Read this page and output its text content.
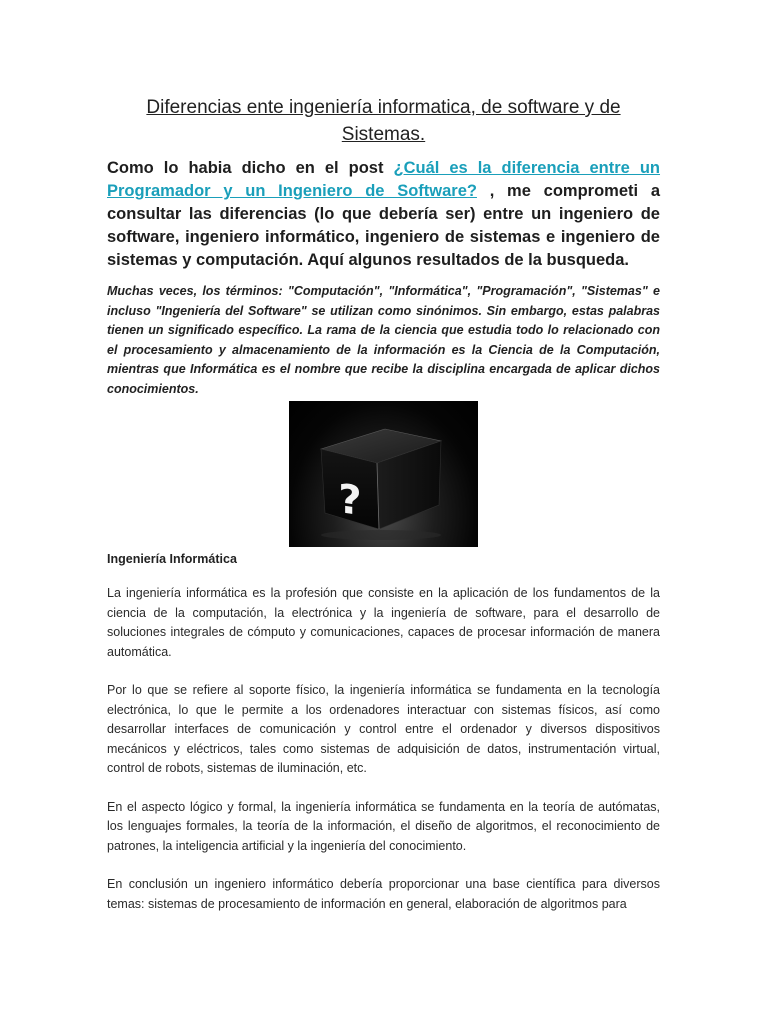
Diferencias ente ingeniería informatica, de software y de Sistemas.

Como lo habia dicho en el post ¿Cuál es la diferencia entre un Programador y un Ingeniero de Software? , me comprometi a consultar las diferencias (lo que debería ser) entre un ingeniero de software, ingeniero informático, ingeniero de sistemas e ingeniero de sistemas y computación. Aquí algunos resultados de la busqueda.

Muchas veces, los términos: "Computación", "Informática", "Programación", "Sistemas" e incluso "Ingeniería del Software" se utilizan como sinónimos. Sin embargo, estas palabras tienen un significado específico. La rama de la ciencia que estudia todo lo relacionado con el procesamiento y almacenamiento de la información es la Ciencia de la Computación, mientras que Informática es el nombre que recibe la disciplina encargada de aplicar dichos conocimientos.

?
Ingeniería Informática

La ingeniería informática es la profesión que consiste en la aplicación de los fundamentos de la ciencia de la computación, la electrónica y la ingeniería de software, para el desarrollo de soluciones integrales de cómputo y comunicaciones, capaces de procesar información de manera automática.

Por lo que se refiere al soporte físico, la ingeniería informática se fundamenta en la tecnología electrónica, lo que le permite a los ordenadores interactuar con sistemas físicos, así como desarrollar interfaces de comunicación y control entre el ordenador y diversos dispositivos mecánicos y eléctricos, tales como sistemas de adquisición de datos, instrumentación virtual, control de robots, sistemas de iluminación, etc.

En el aspecto lógico y formal, la ingeniería informática se fundamenta en la teoría de autómatas, los lenguajes formales, la teoría de la información, el diseño de algoritmos, el reconocimiento de patrones, la inteligencia artificial y la ingeniería del conocimiento.

En conclusión un ingeniero informático debería proporcionar una base científica para diversos temas: sistemas de procesamiento de información en general, elaboración de algoritmos para
